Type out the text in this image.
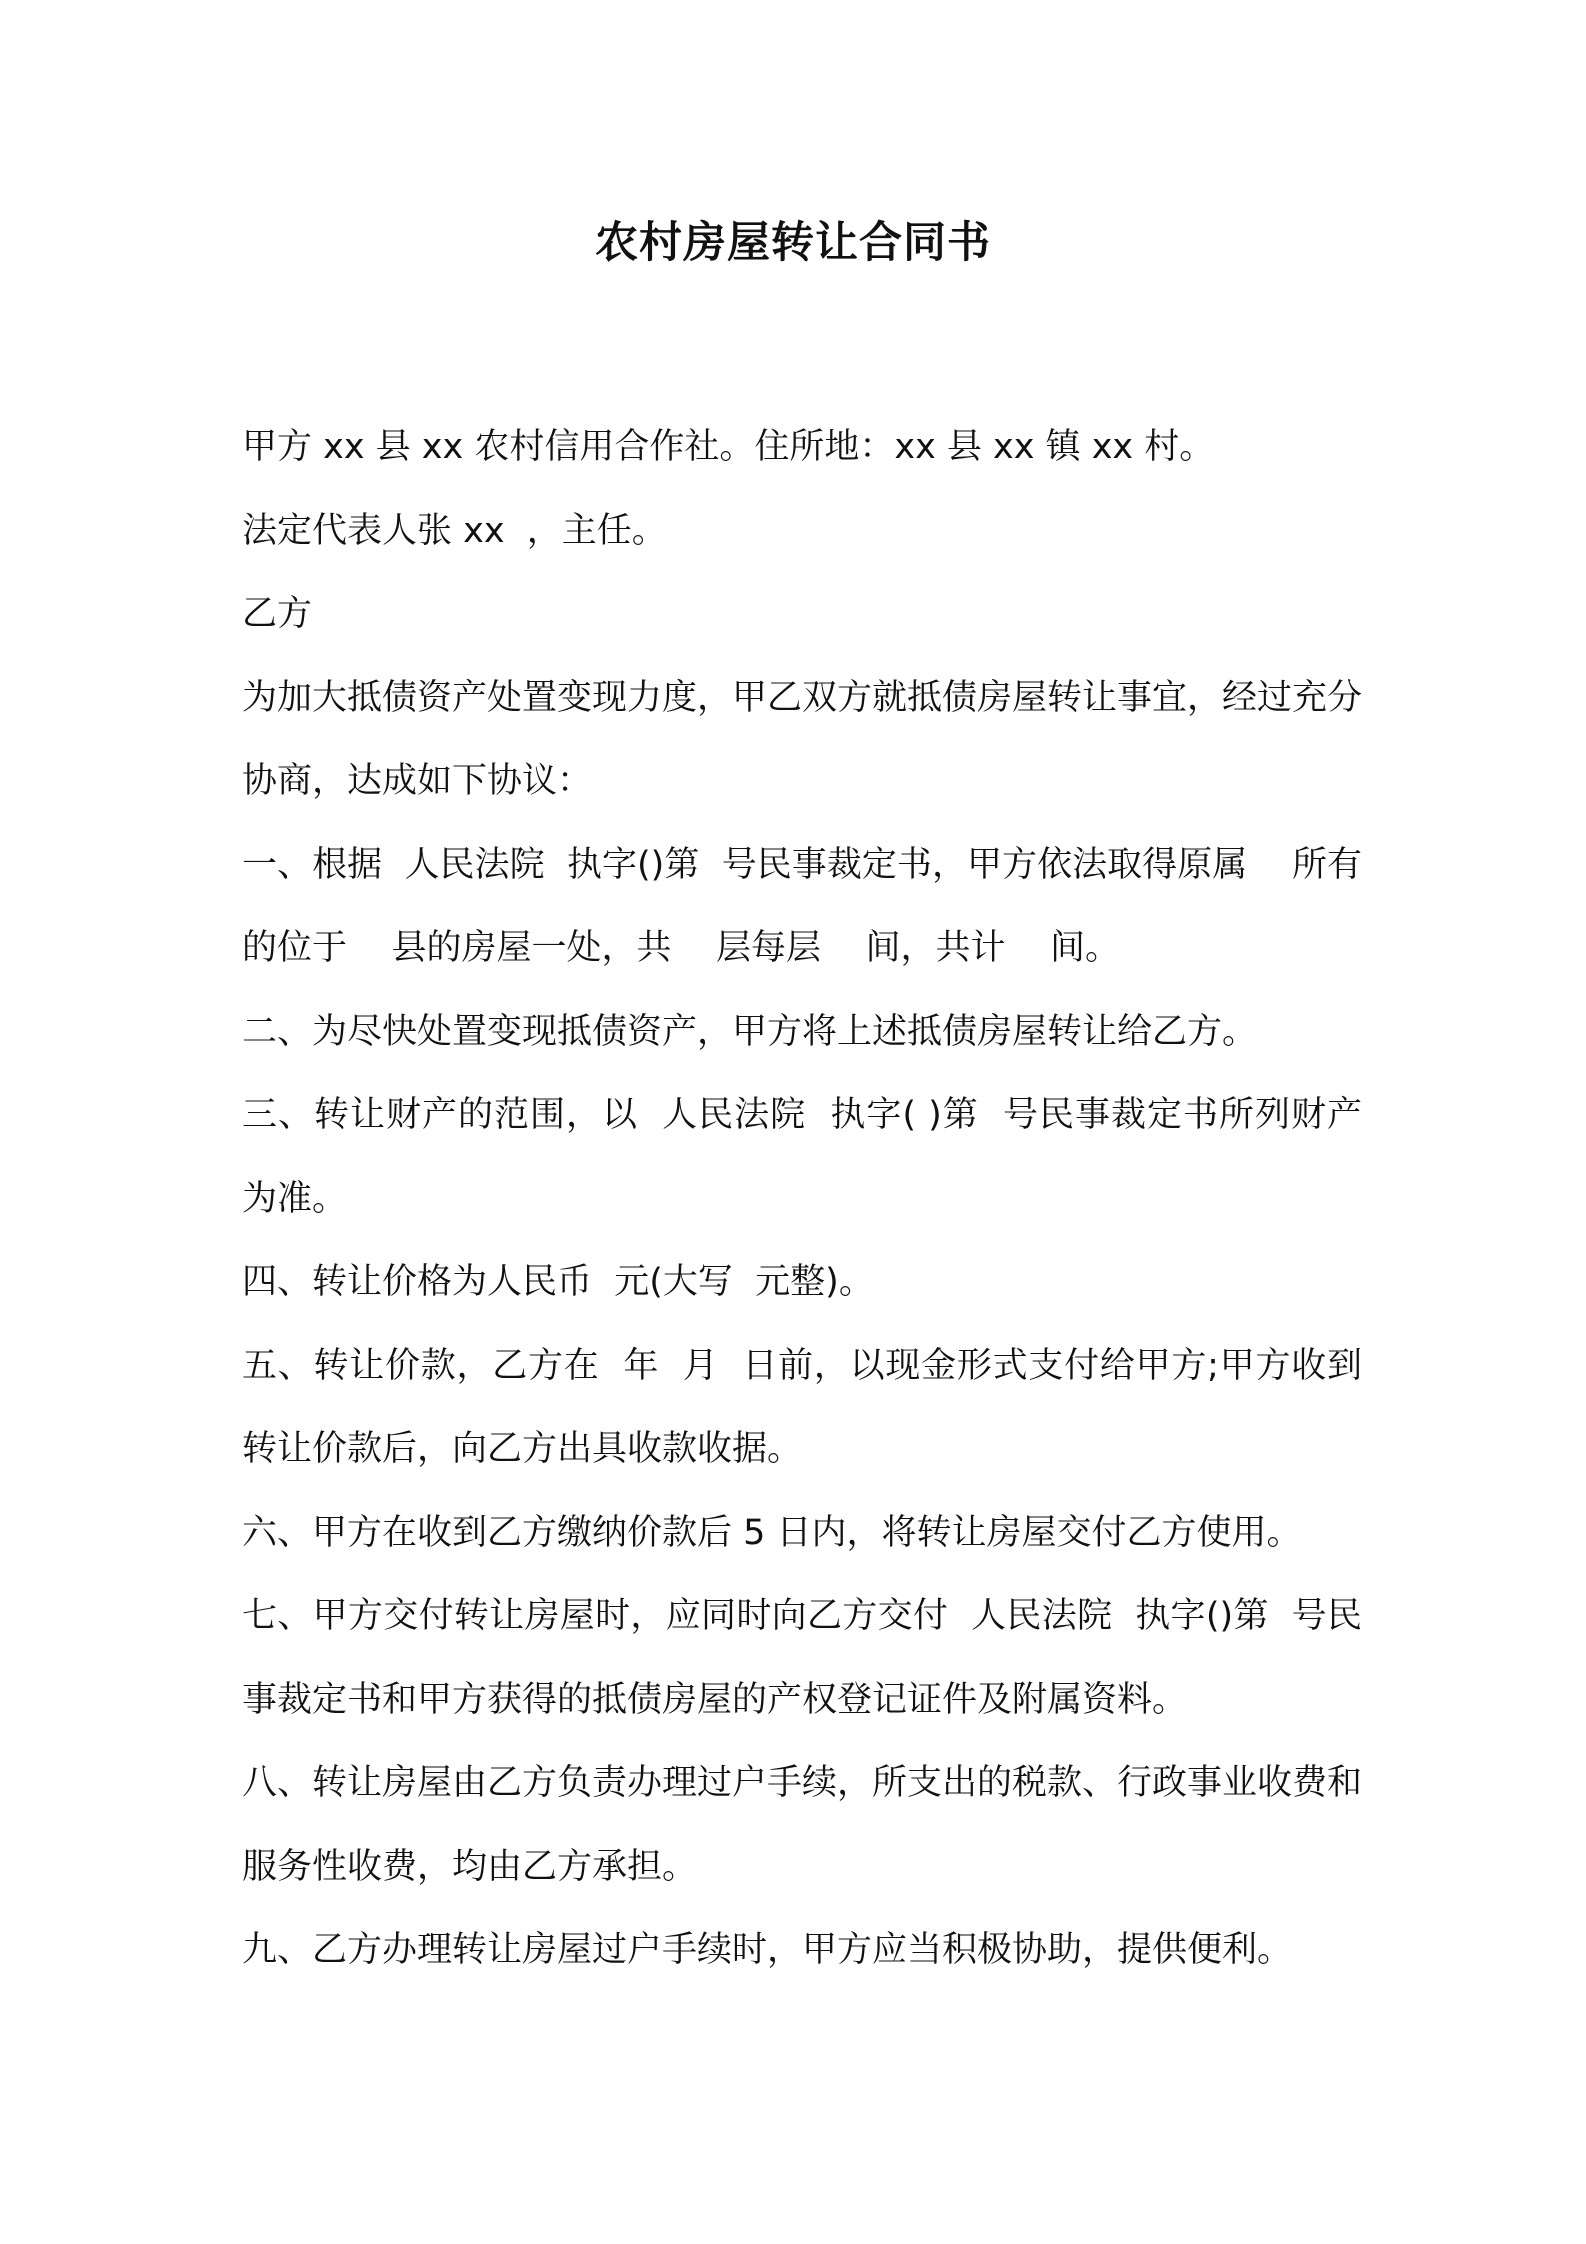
农村房屋转让合同书

甲方 xx 县 xx 农村信用合作社。住所地：xx 县 xx 镇 xx 村。

法定代表人张 xx  ，主任。

乙方

为加大抵债资产处置变现力度，甲乙双方就抵债房屋转让事宜，经过充分协商，达成如下协议：

一、根据  人民法院  执字()第  号民事裁定书，甲方依法取得原属    所有的位于    县的房屋一处，共    层每层    间，共计    间。

二、为尽快处置变现抵债资产，甲方将上述抵债房屋转让给乙方。

三、转让财产的范围，以  人民法院  执字( )第  号民事裁定书所列财产为准。

四、转让价格为人民币  元(大写  元整)。

五、转让价款，乙方在  年  月  日前，以现金形式支付给甲方;甲方收到转让价款后，向乙方出具收款收据。

六、甲方在收到乙方缴纳价款后 5 日内，将转让房屋交付乙方使用。

七、甲方交付转让房屋时，应同时向乙方交付  人民法院  执字()第  号民事裁定书和甲方获得的抵债房屋的产权登记证件及附属资料。

八、转让房屋由乙方负责办理过户手续，所支出的税款、行政事业收费和服务性收费，均由乙方承担。

九、乙方办理转让房屋过户手续时，甲方应当积极协助，提供便利。
